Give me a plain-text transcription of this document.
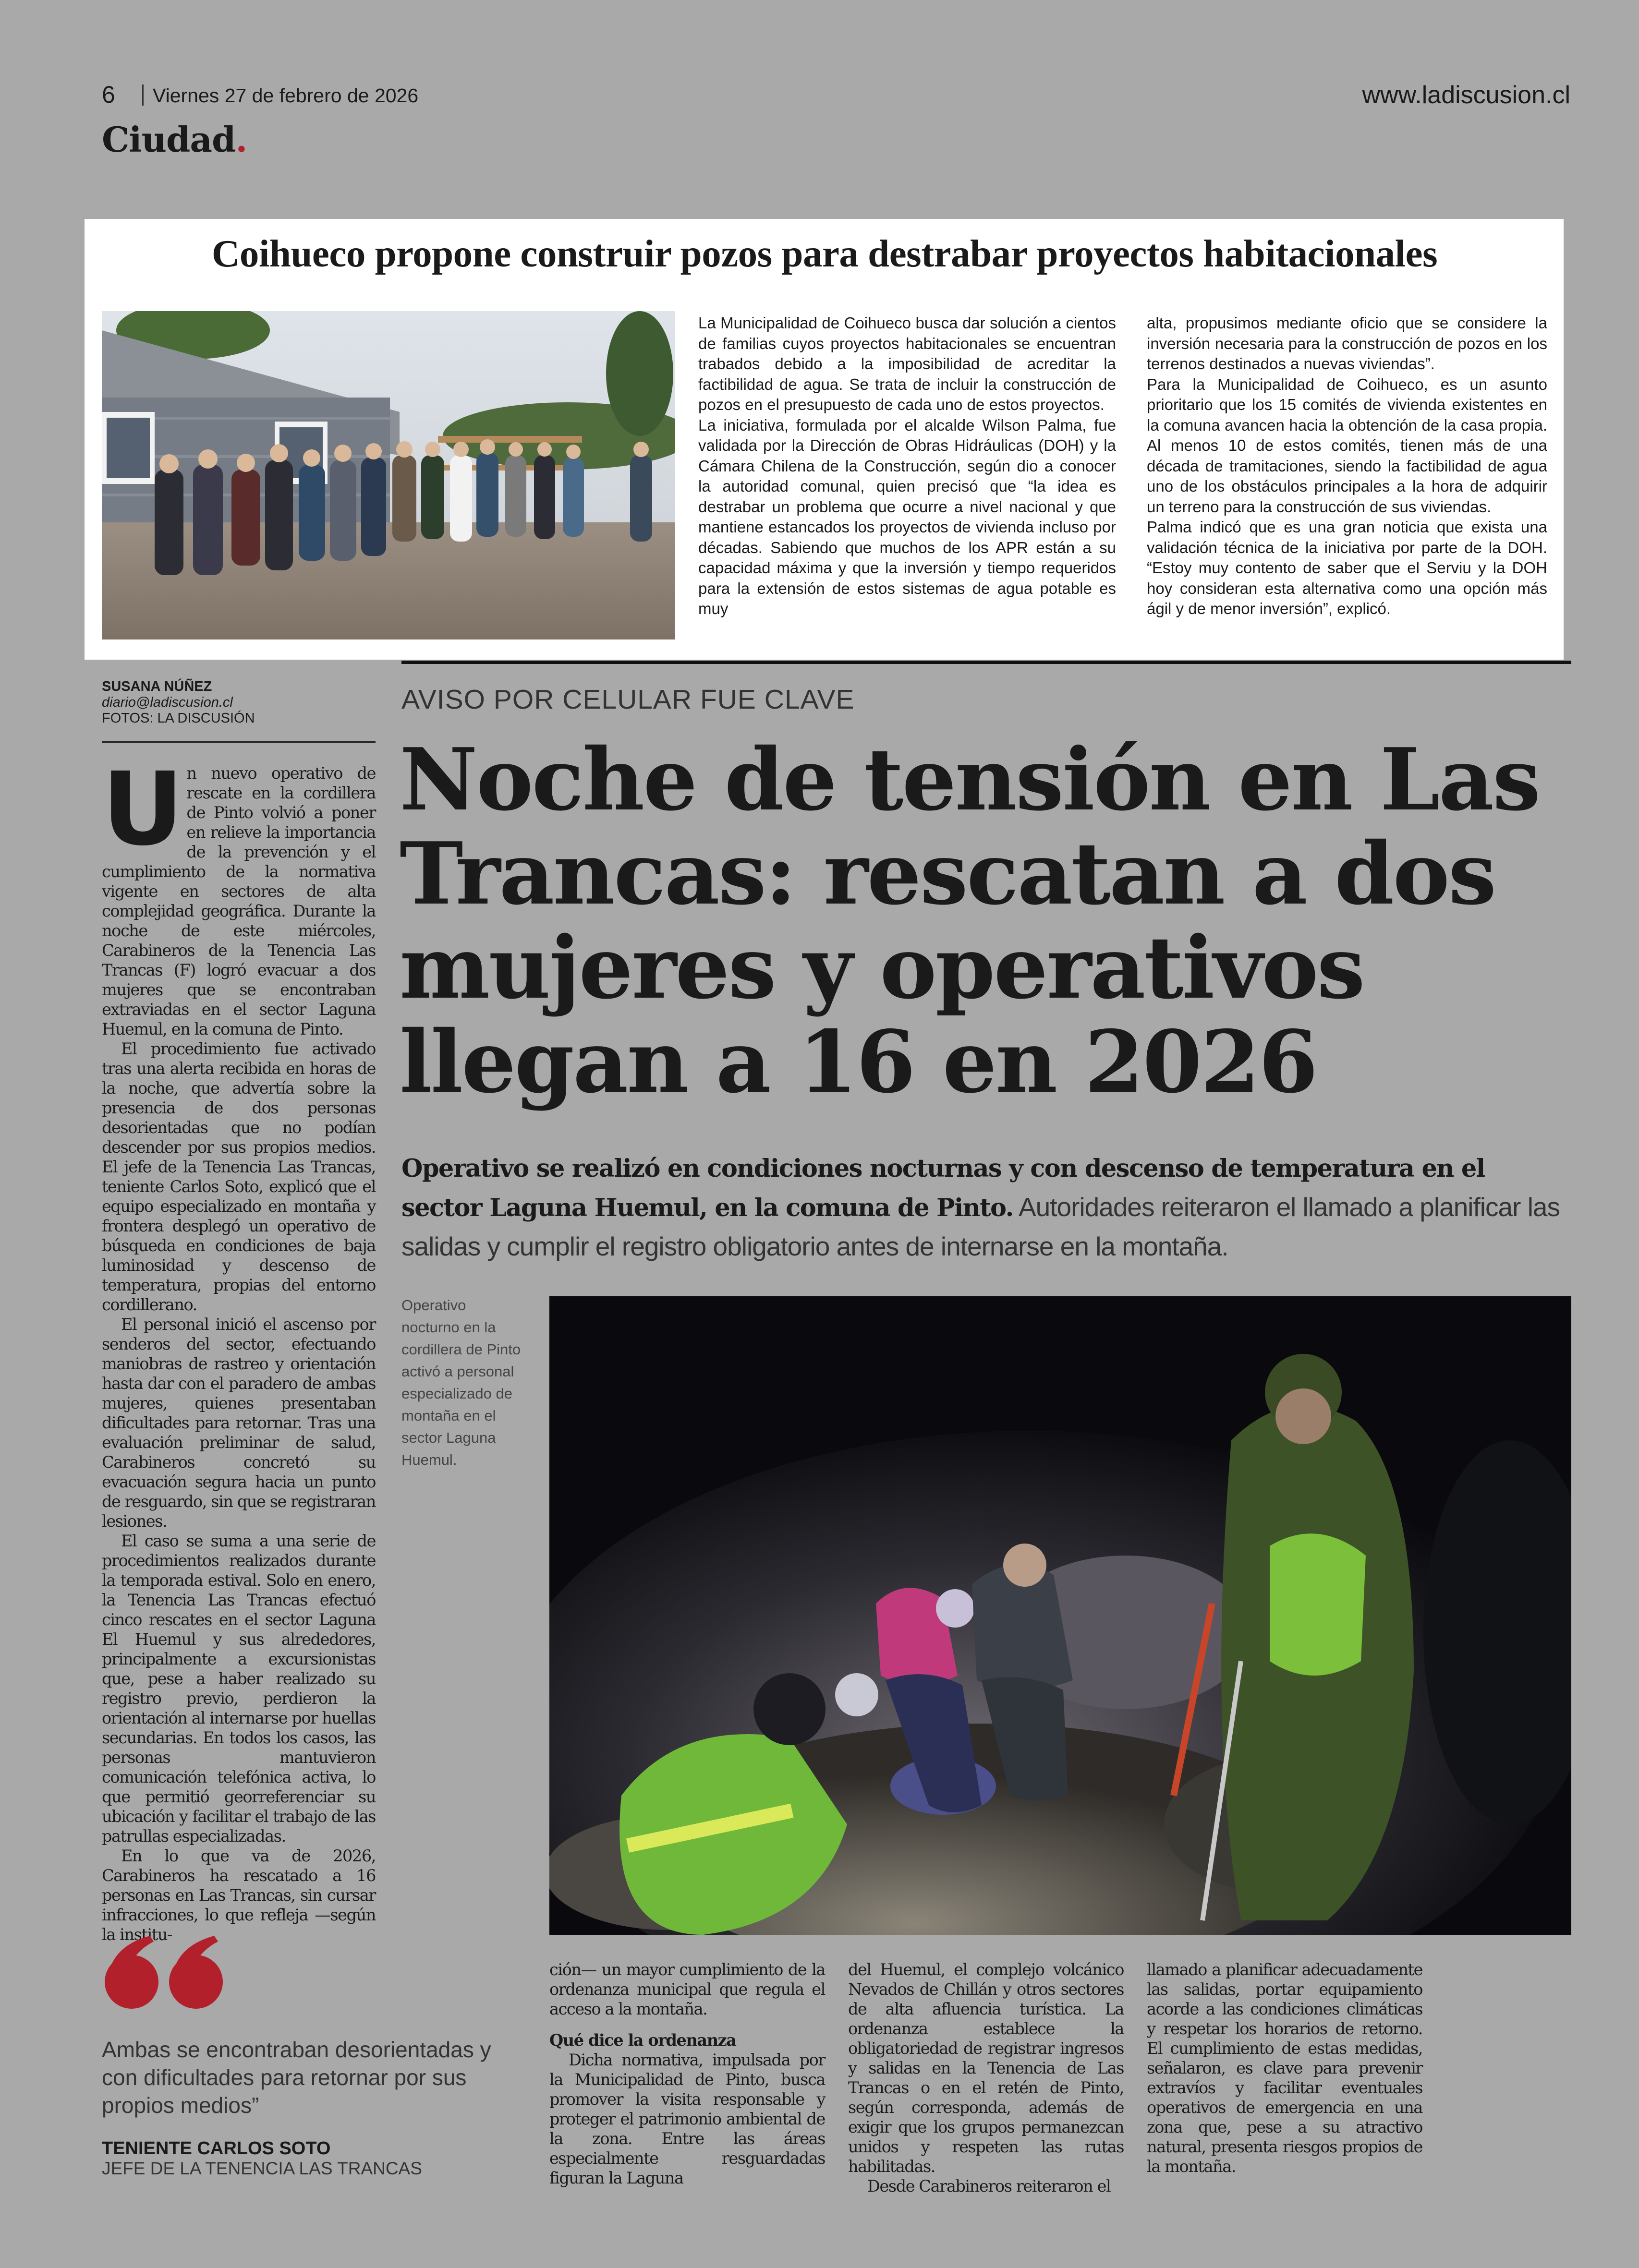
6 Viernes 27 de febrero de 2026	www.ladiscusion.cl
Ciudad.
Coihueco propone construir pozos para destrabar proyectos habitacionales

La Municipalidad de Coihueco busca dar solución a cientos de familias cuyos proyectos habitacionales se encuentran trabados debido a la imposibilidad de acreditar la factibilidad de agua. Se trata de incluir la construcción de pozos en el presupuesto de cada uno de estos proyectos.

La iniciativa, formulada por el alcalde Wilson Palma, fue validada por la Dirección de Obras Hidráulicas (DOH) y la Cámara Chilena de la Construcción, según dio a conocer la autoridad comunal, quien precisó que “la idea es destrabar un problema que ocurre a nivel nacional y que mantiene estancados los proyectos de vivienda incluso por décadas. Sabiendo que muchos de los APR están a su capacidad máxima y que la inversión y tiempo requeridos para la extensión de estos sistemas de agua potable es muy

alta, propusimos mediante oficio que se considere la inversión necesaria para la construcción de pozos en los terrenos destinados a nuevas viviendas”.

Para la Municipalidad de Coihueco, es un asunto prioritario que los 15 comités de vivienda existentes en la comuna avancen hacia la obtención de la casa propia. Al menos 10 de estos comités, tienen más de una década de tramitaciones, siendo la factibilidad de agua uno de los obstáculos principales a la hora de adquirir un terreno para la construcción de sus viviendas.

Palma indicó que es una gran noticia que exista una validación técnica de la iniciativa por parte de la DOH. “Estoy muy contento de saber que el Serviu y la DOH hoy consideran esta alternativa como una opción más ágil y de menor inversión”, explicó.

SUSANA NÚÑEZ
diario@ladiscusion.cl
FOTOS: LA DISCUSIÓN
U n nuevo operativo de rescate en la cordillera de Pinto volvió a poner en relieve la importancia de la prevención y el cumplimiento de la normativa vigente en sectores de alta complejidad geográfica. Durante la noche de este miércoles, Carabineros de la Tenencia Las Trancas (F) logró evacuar a dos mujeres que se encontraban extraviadas en el sector Laguna Huemul, en la comuna de Pinto.

El procedimiento fue activado tras una alerta recibida en horas de la noche, que advertía sobre la presencia de dos personas desorientadas que no podían descender por sus propios medios. El jefe de la Tenencia Las Trancas, teniente Carlos Soto, explicó que el equipo especializado en montaña y frontera desplegó un operativo de búsqueda en condiciones de baja luminosidad y descenso de temperatura, propias del entorno cordillerano.

El personal inició el ascenso por senderos del sector, efectuando maniobras de rastreo y orientación hasta dar con el paradero de ambas mujeres, quienes presentaban dificultades para retornar. Tras una evaluación preliminar de salud, Carabineros concretó su evacuación segura hacia un punto de resguardo, sin que se registraran lesiones.

El caso se suma a una serie de procedimientos realizados durante la temporada estival. Solo en enero, la Tenencia Las Trancas efectuó cinco rescates en el sector Laguna El Huemul y sus alrededores, principalmente a excursionistas que, pese a haber realizado su registro previo, perdieron la orientación al internarse por huellas secundarias. En todos los casos, las personas mantuvieron comunicación telefónica activa, lo que permitió georreferenciar su ubicación y facilitar el trabajo de las patrullas especializadas.

En lo que va de 2026, Carabineros ha rescatado a 16 personas en Las Trancas, sin cursar infracciones, lo que refleja —según la institu-

AVISO POR CELULAR FUE CLAVE
Noche de tensión en Las
Trancas: rescatan a dos
mujeres y operativos
llegan a 16 en 2026
Operativo se realizó en condiciones nocturnas y con descenso de temperatura en el sector Laguna Huemul, en la comuna de Pinto. Autoridades reiteraron el llamado a planificar las salidas y cumplir el registro obligatorio antes de internarse en la montaña.
Operativo nocturno en la cordillera de Pinto activó a personal especializado de montaña en el sector Laguna Huemul.
Ambas se encontraban desorientadas y con dificultades para retornar por sus propios medios”
TENIENTE CARLOS SOTO
JEFE DE LA TENENCIA LAS TRANCAS

ción— un mayor cumplimiento de la ordenanza municipal que regula el acceso a la montaña.

Qué dice la ordenanza

Dicha normativa, impulsada por la Municipalidad de Pinto, busca promover la visita responsable y proteger el patrimonio ambiental de la zona. Entre las áreas especialmente resguardadas figuran la Laguna

del Huemul, el complejo volcánico Nevados de Chillán y otros sectores de alta afluencia turística. La ordenanza establece la obligatoriedad de registrar ingresos y salidas en la Tenencia de Las Trancas o en el retén de Pinto, según corresponda, además de exigir que los grupos permanezcan unidos y respeten las rutas habilitadas.

Desde Carabineros reiteraron el

llamado a planificar adecuadamente las salidas, portar equipamiento acorde a las condiciones climáticas y respetar los horarios de retorno. El cumplimiento de estas medidas, señalaron, es clave para prevenir extravíos y facilitar eventuales operativos de emergencia en una zona que, pese a su atractivo natural, presenta riesgos propios de la montaña.
